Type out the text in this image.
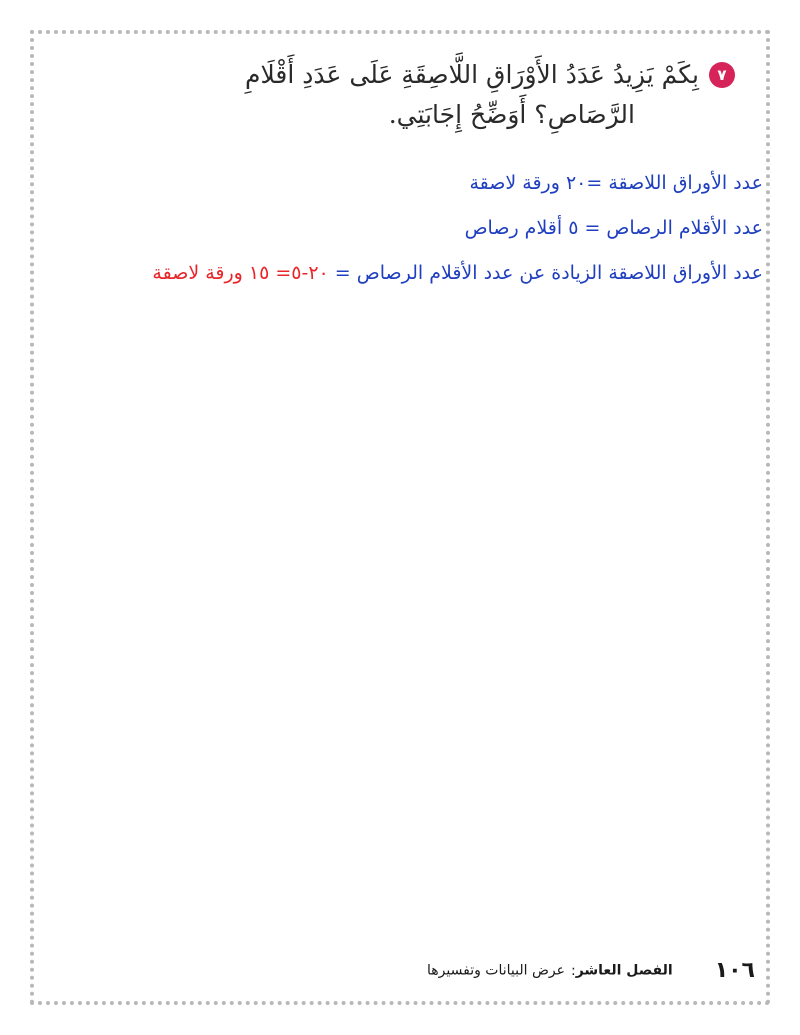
٧بِكَمْ يَزِيدُ عَدَدُ الأَوْرَاقِ اللَّاصِقَةِ عَلَى عَدَدِ أَقْلَامِ
الرَّصَاصِ؟ أَوَضِّحُ إِجَابَتِي.
عدد الأوراق اللاصقة =٢٠ ورقة لاصقة
عدد الأقلام الرصاص = ٥ أقلام رصاص
عدد الأوراق اللاصقة الزيادة عن عدد الأقلام الرصاص = ٢٠-٥= ١٥ ورقة لاصقة
١٠٦الفصل العاشر:عرض البيانات وتفسيرها
